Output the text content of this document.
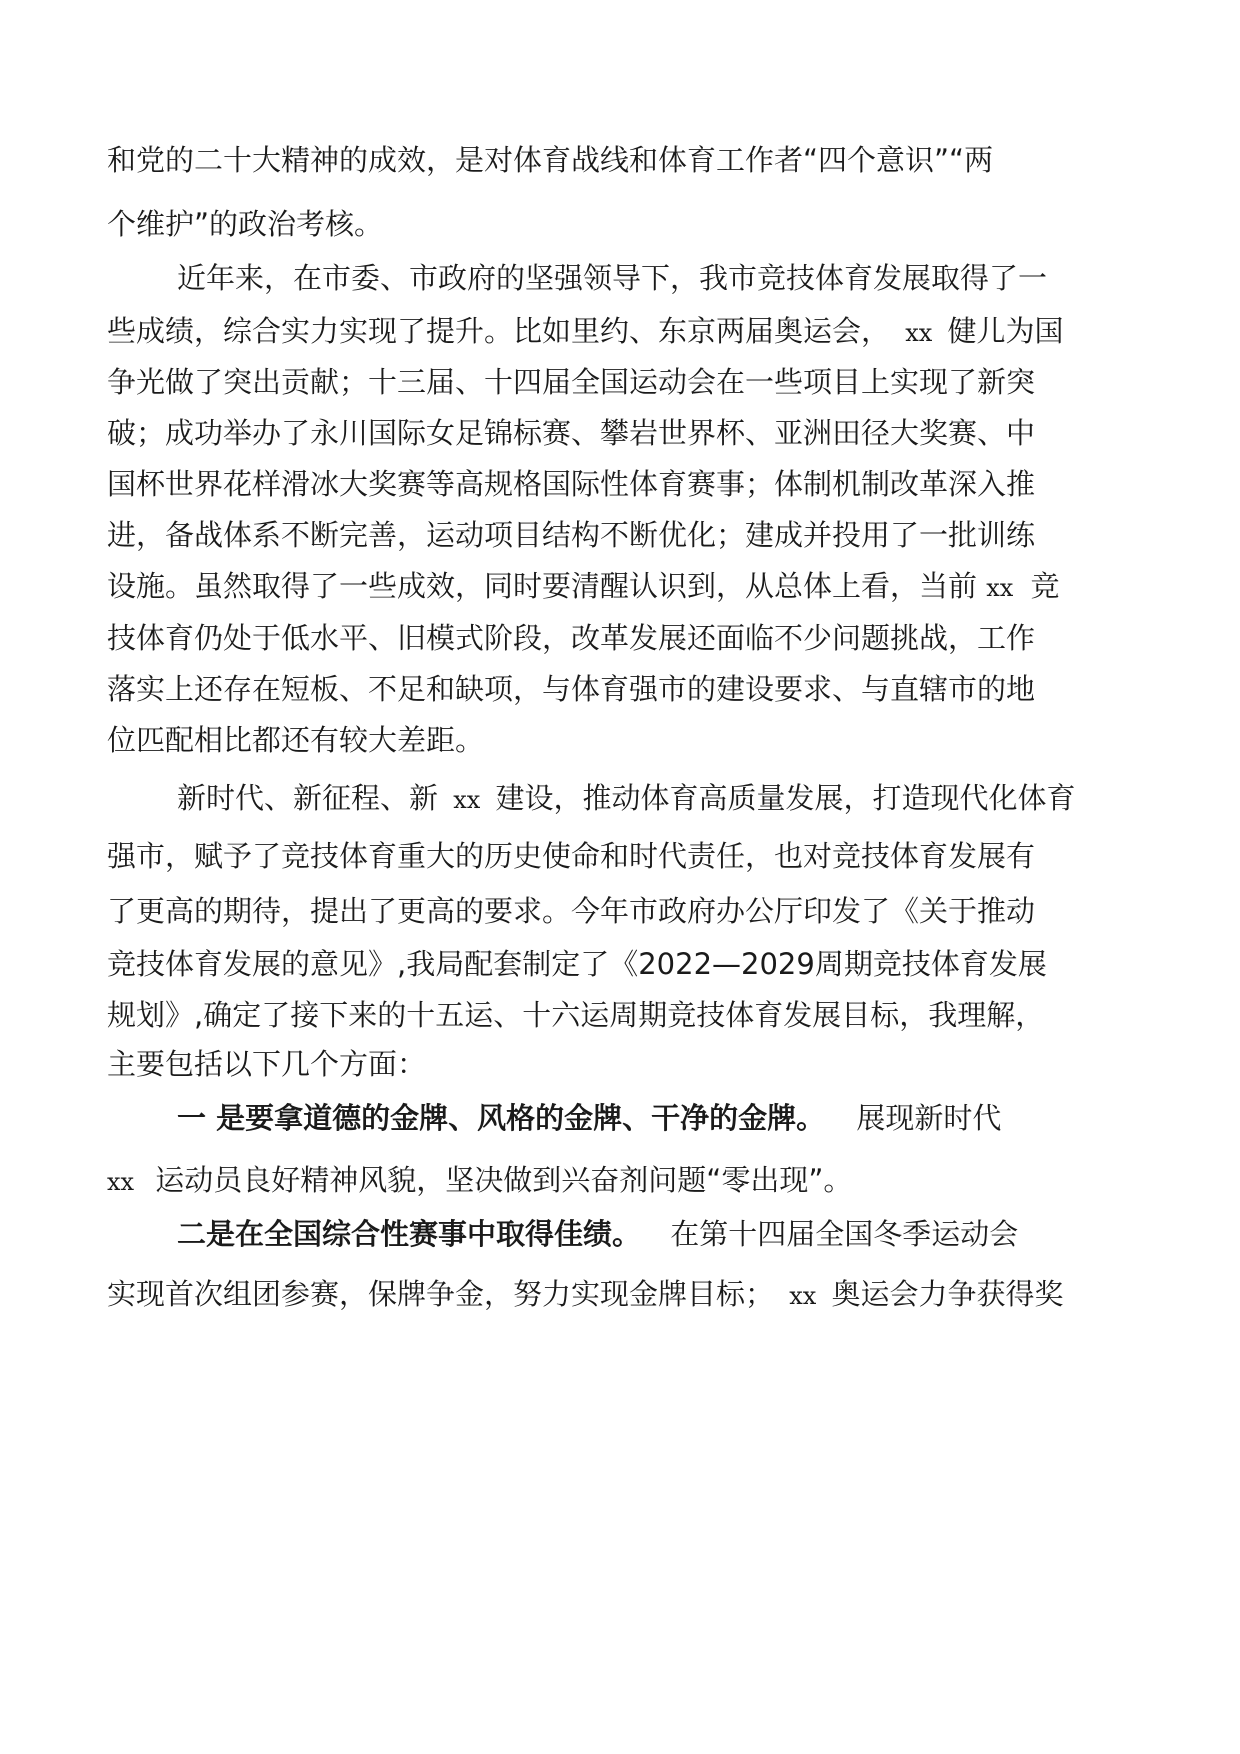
和党的二十大精神的成效，是对体育战线和体育工作者“四个意识”“两
个维护”的政治考核。
近年来，在市委、市政府的坚强领导下，我市竞技体育发展取得了一
些成绩，综合实力实现了提升。比如里约、东京两届奥运会， xx 健儿为国
争光做了突出贡献；十三届、十四届全国运动会在一些项目上实现了新突
破；成功举办了永川国际女足锦标赛、攀岩世界杯、亚洲田径大奖赛、中
国杯世界花样滑冰大奖赛等高规格国际性体育赛事；体制机制改革深入推
进，备战体系不断完善，运动项目结构不断优化；建成并投用了一批训练
设施。虽然取得了一些成效，同时要清醒认识到，从总体上看，当前 xx 竞
技体育仍处于低水平、旧模式阶段，改革发展还面临不少问题挑战，工作
落实上还存在短板、不足和缺项，与体育强市的建设要求、与直辖市的地
位匹配相比都还有较大差距。
新时代、新征程、新 xx 建设，推动体育高质量发展，打造现代化体育
强市，赋予了竞技体育重大的历史使命和时代责任，也对竞技体育发展有
了更高的期待，提出了更高的要求。今年市政府办公厅印发了《关于推动
竞技体育发展的意见》,我局配套制定了《2022—2029周期竞技体育发展
规划》,确定了接下来的十五运、十六运周期竞技体育发展目标，我理解，
主要包括以下几个方面：
一 是要拿道德的金牌、风格的金牌、干净的金牌。 展现新时代
xx 运动员良好精神风貌，坚决做到兴奋剂问题“零出现”。
二是在全国综合性赛事中取得佳绩。 在第十四届全国冬季运动会
实现首次组团参赛，保牌争金，努力实现金牌目标； xx 奥运会力争获得奖
